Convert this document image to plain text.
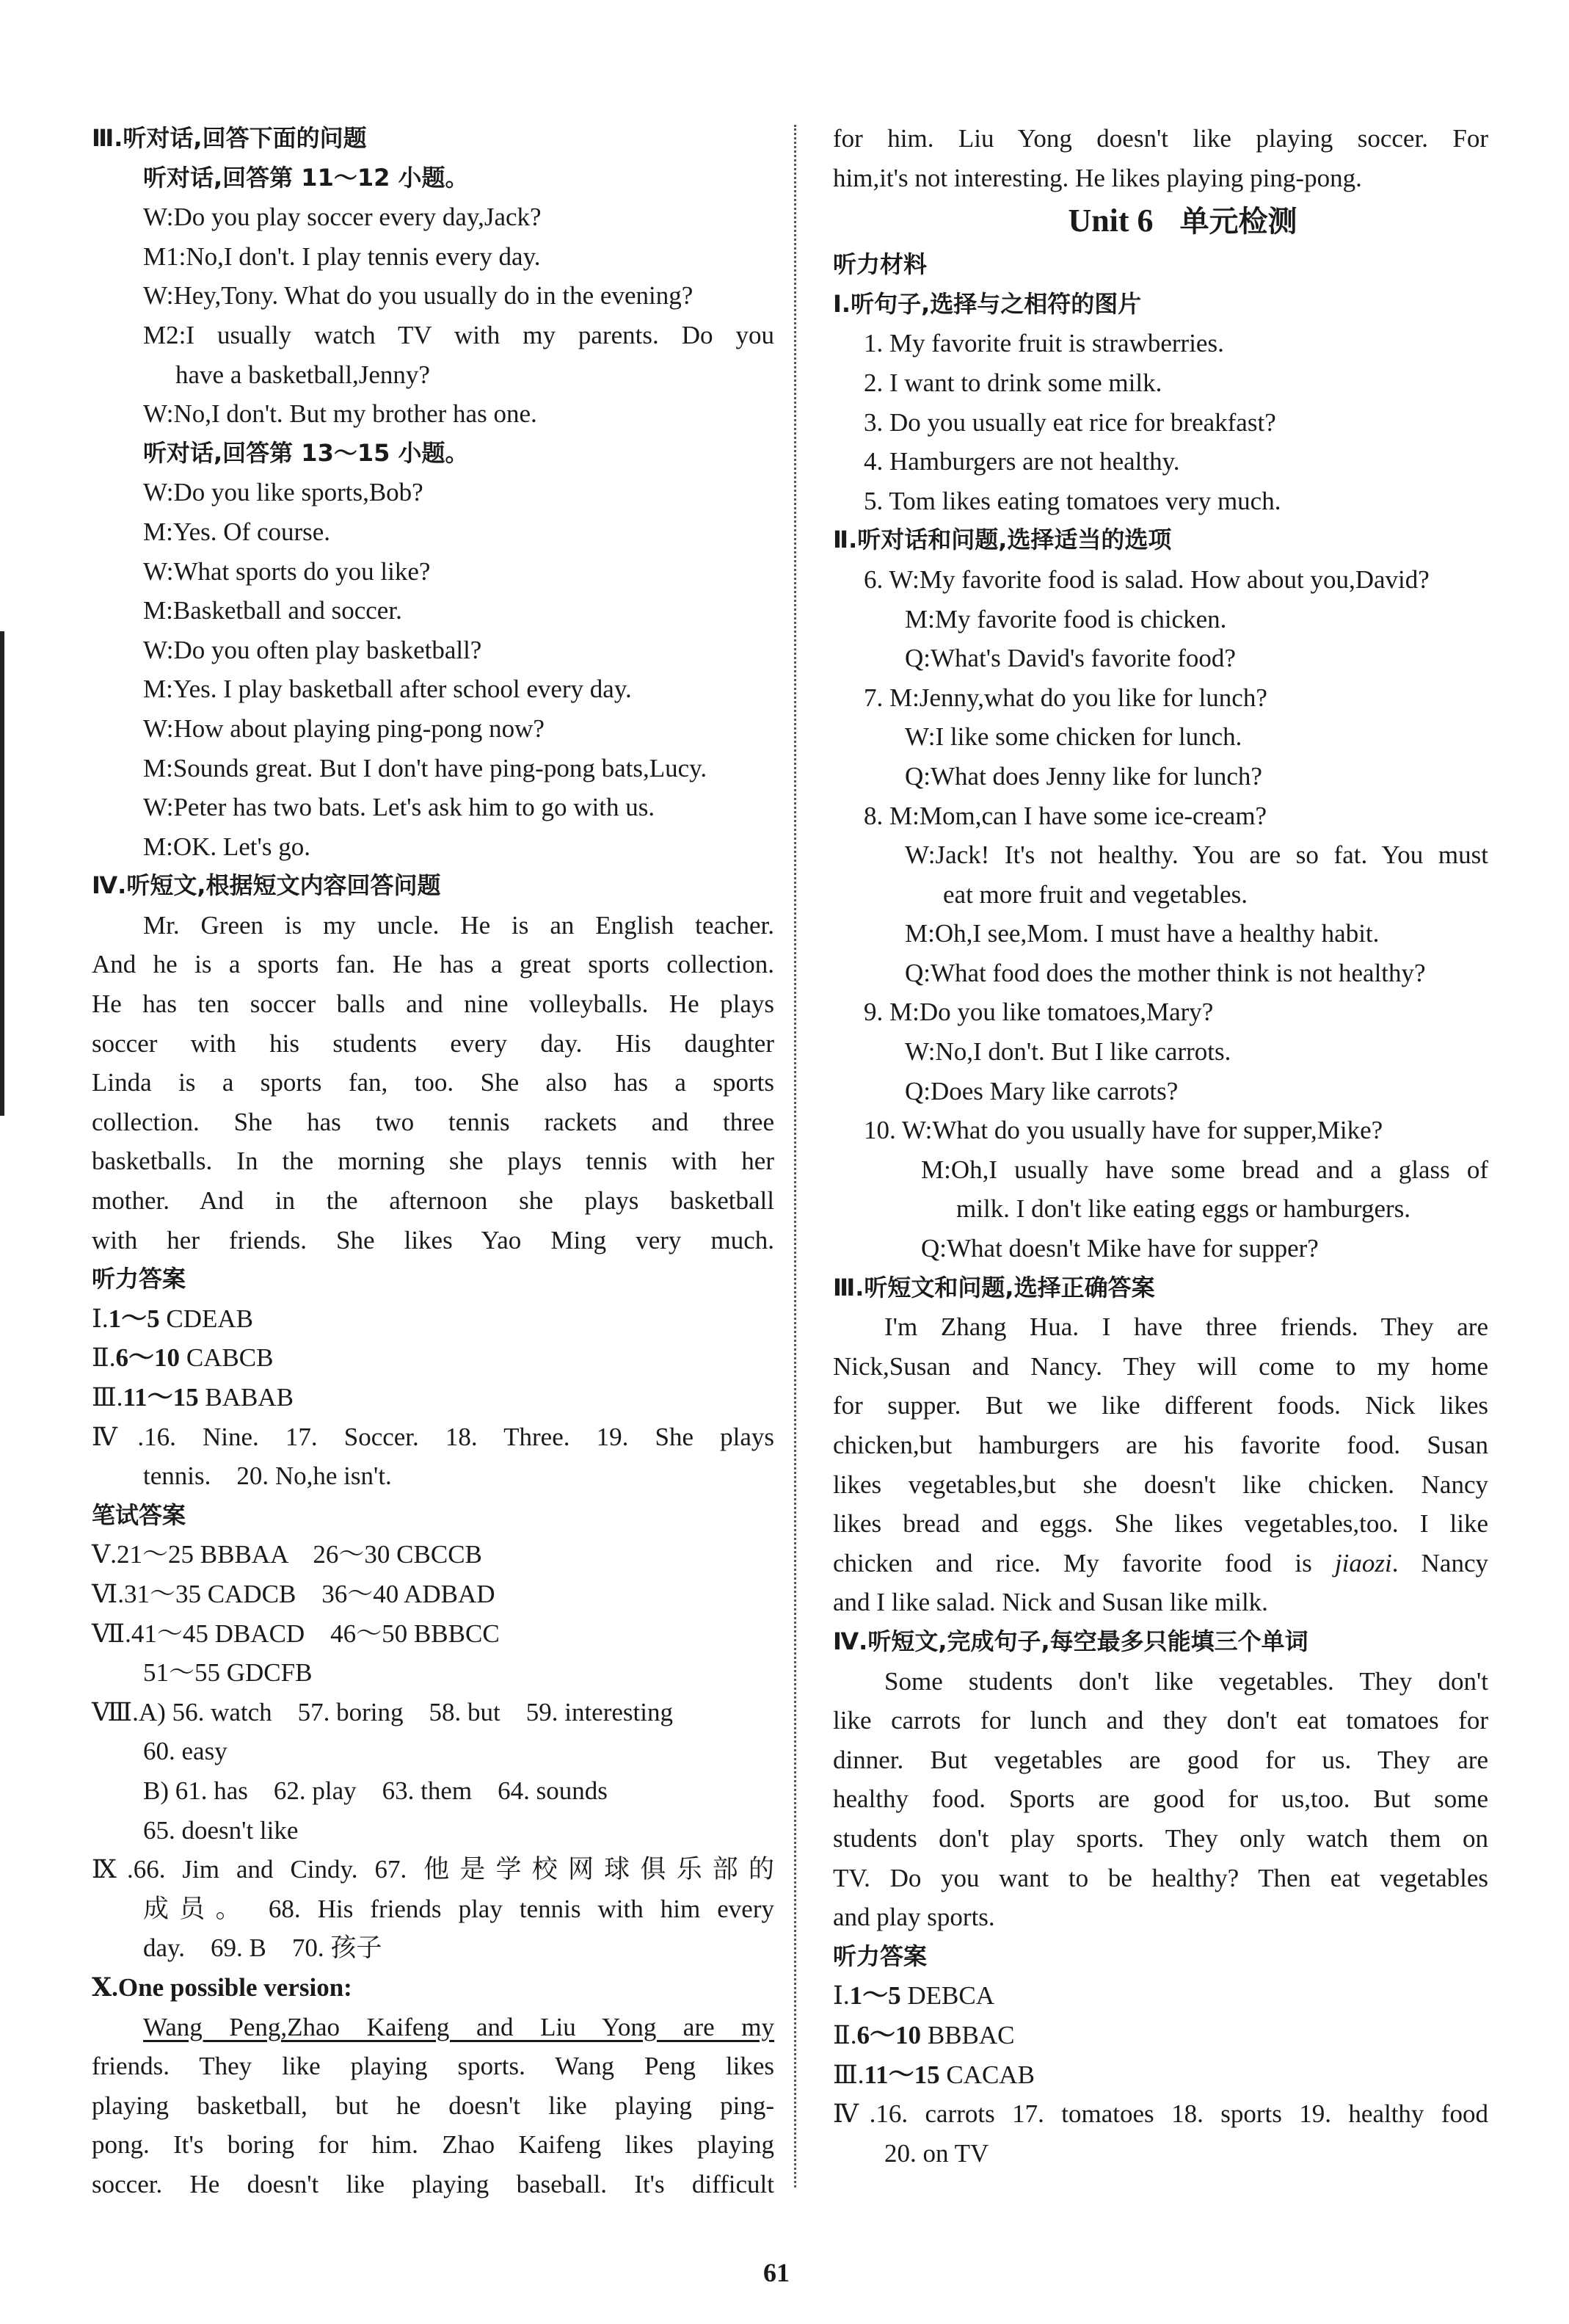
Ⅲ.听对话,回答下面的问题
听对话,回答第 11～12 小题。
W:Do you play soccer every day,Jack?
M1:No,I don't. I play tennis every day.
W:Hey,Tony. What do you usually do in the evening?
M2:I usually watch TV with my parents. Do you
have a basketball,Jenny?
W:No,I don't. But my brother has one.
听对话,回答第 13～15 小题。
W:Do you like sports,Bob?
M:Yes. Of course.
W:What sports do you like?
M:Basketball and soccer.
W:Do you often play basketball?
M:Yes. I play basketball after school every day.
W:How about playing ping-pong now?
M:Sounds great. But I don't have ping-pong bats,Lucy.
W:Peter has two bats. Let's ask him to go with us.
M:OK. Let's go.
Ⅳ.听短文,根据短文内容回答问题
Mr. Green is my uncle. He is an English teacher.
And he is a sports fan. He has a great sports collection.
He has ten soccer balls and nine volleyballs. He plays
soccer with his students every day. His daughter
Linda is a sports fan, too. She also has a sports
collection. She has two tennis rackets and three
basketballs. In the morning she plays tennis with her
mother. And in the afternoon she plays basketball
with her friends. She likes Yao Ming very much.
听力答案
Ⅰ.1～5 CDEAB
Ⅱ.6～10 CABCB
Ⅲ.11～15 BABAB
Ⅳ.16. Nine. 17. Soccer. 18. Three. 19. She plays
tennis.    20. No,he isn't.
笔试答案
Ⅴ.21～25 BBBAA    26～30 CBCCB
Ⅵ.31～35 CADCB    36～40 ADBAD
Ⅶ.41～45 DBACD    46～50 BBBCC
51～55 GDCFB
Ⅷ.A) 56. watch    57. boring    58. but    59. interesting
60. easy
B) 61. has    62. play    63. them    64. sounds
65. doesn't like
Ⅸ.66. Jim and Cindy. 67. 他是学校网球俱乐部的
成员。 68. His friends play tennis with him every
day.    69. B    70. 孩子
Ⅹ.One possible version:
Wang Peng,Zhao Kaifeng and Liu Yong are my
friends. They like playing sports. Wang Peng likes
playing basketball, but he doesn't like playing ping-
pong. It's boring for him. Zhao Kaifeng likes playing
soccer. He doesn't like playing baseball. It's difficult
for him. Liu Yong doesn't like playing soccer. For
him,it's not interesting. He likes playing ping-pong.
Unit 6 单元检测
听力材料
Ⅰ.听句子,选择与之相符的图片
1. My favorite fruit is strawberries.
2. I want to drink some milk.
3. Do you usually eat rice for breakfast?
4. Hamburgers are not healthy.
5. Tom likes eating tomatoes very much.
Ⅱ.听对话和问题,选择适当的选项
6. W:My favorite food is salad. How about you,David?
M:My favorite food is chicken.
Q:What's David's favorite food?
7. M:Jenny,what do you like for lunch?
W:I like some chicken for lunch.
Q:What does Jenny like for lunch?
8. M:Mom,can I have some ice-cream?
W:Jack! It's not healthy. You are so fat. You must
eat more fruit and vegetables.
M:Oh,I see,Mom. I must have a healthy habit.
Q:What food does the mother think is not healthy?
9. M:Do you like tomatoes,Mary?
W:No,I don't. But I like carrots.
Q:Does Mary like carrots?
10. W:What do you usually have for supper,Mike?
M:Oh,I usually have some bread and a glass of
milk. I don't like eating eggs or hamburgers.
Q:What doesn't Mike have for supper?
Ⅲ.听短文和问题,选择正确答案
I'm Zhang Hua. I have three friends. They are
Nick,Susan and Nancy. They will come to my home
for supper. But we like different foods. Nick likes
chicken,but hamburgers are his favorite food. Susan
likes vegetables,but she doesn't like chicken. Nancy
likes bread and eggs. She likes vegetables,too. I like
chicken and rice. My favorite food is jiaozi. Nancy
and I like salad. Nick and Susan like milk.
Ⅳ.听短文,完成句子,每空最多只能填三个单词
Some students don't like vegetables. They don't
like carrots for lunch and they don't eat tomatoes for
dinner. But vegetables are good for us. They are
healthy food. Sports are good for us,too. But some
students don't play sports. They only watch them on
TV. Do you want to be healthy? Then eat vegetables
and play sports.
听力答案
Ⅰ.1～5 DEBCA
Ⅱ.6～10 BBBAC
Ⅲ.11～15 CACAB
Ⅳ.16. carrots 17. tomatoes 18. sports 19. healthy food
20. on TV
61
